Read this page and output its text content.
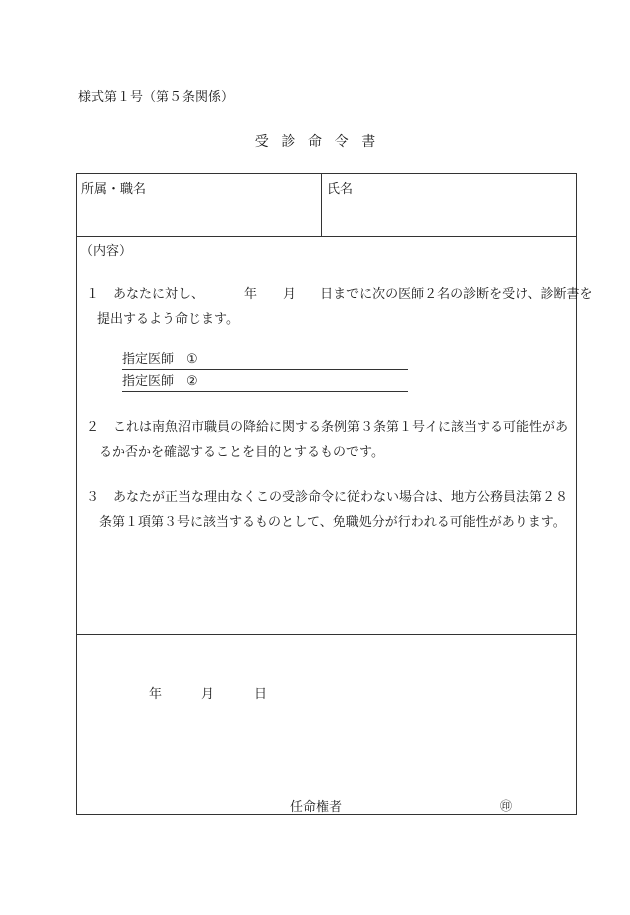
様式第１号（第５条関係）
受診命令書
所属・職名	氏名
（内容）
１ あなたに対し、	年 月 日までに次の医師２名の診断を受け、診断書を
提出するよう命じます。
指定医師 ①
指定医師 ②
２ これは南魚沼市職員の降給に関する条例第３条第１号イに該当する可能性があ
るか否かを確認することを目的とするものです。
３ あなたが正当な理由なくこの受診命令に従わない場合は、地方公務員法第２８
条第１項第３号に該当するものとして、免職処分が行われる可能性があります。
年	月	日
任命権者	㊞
